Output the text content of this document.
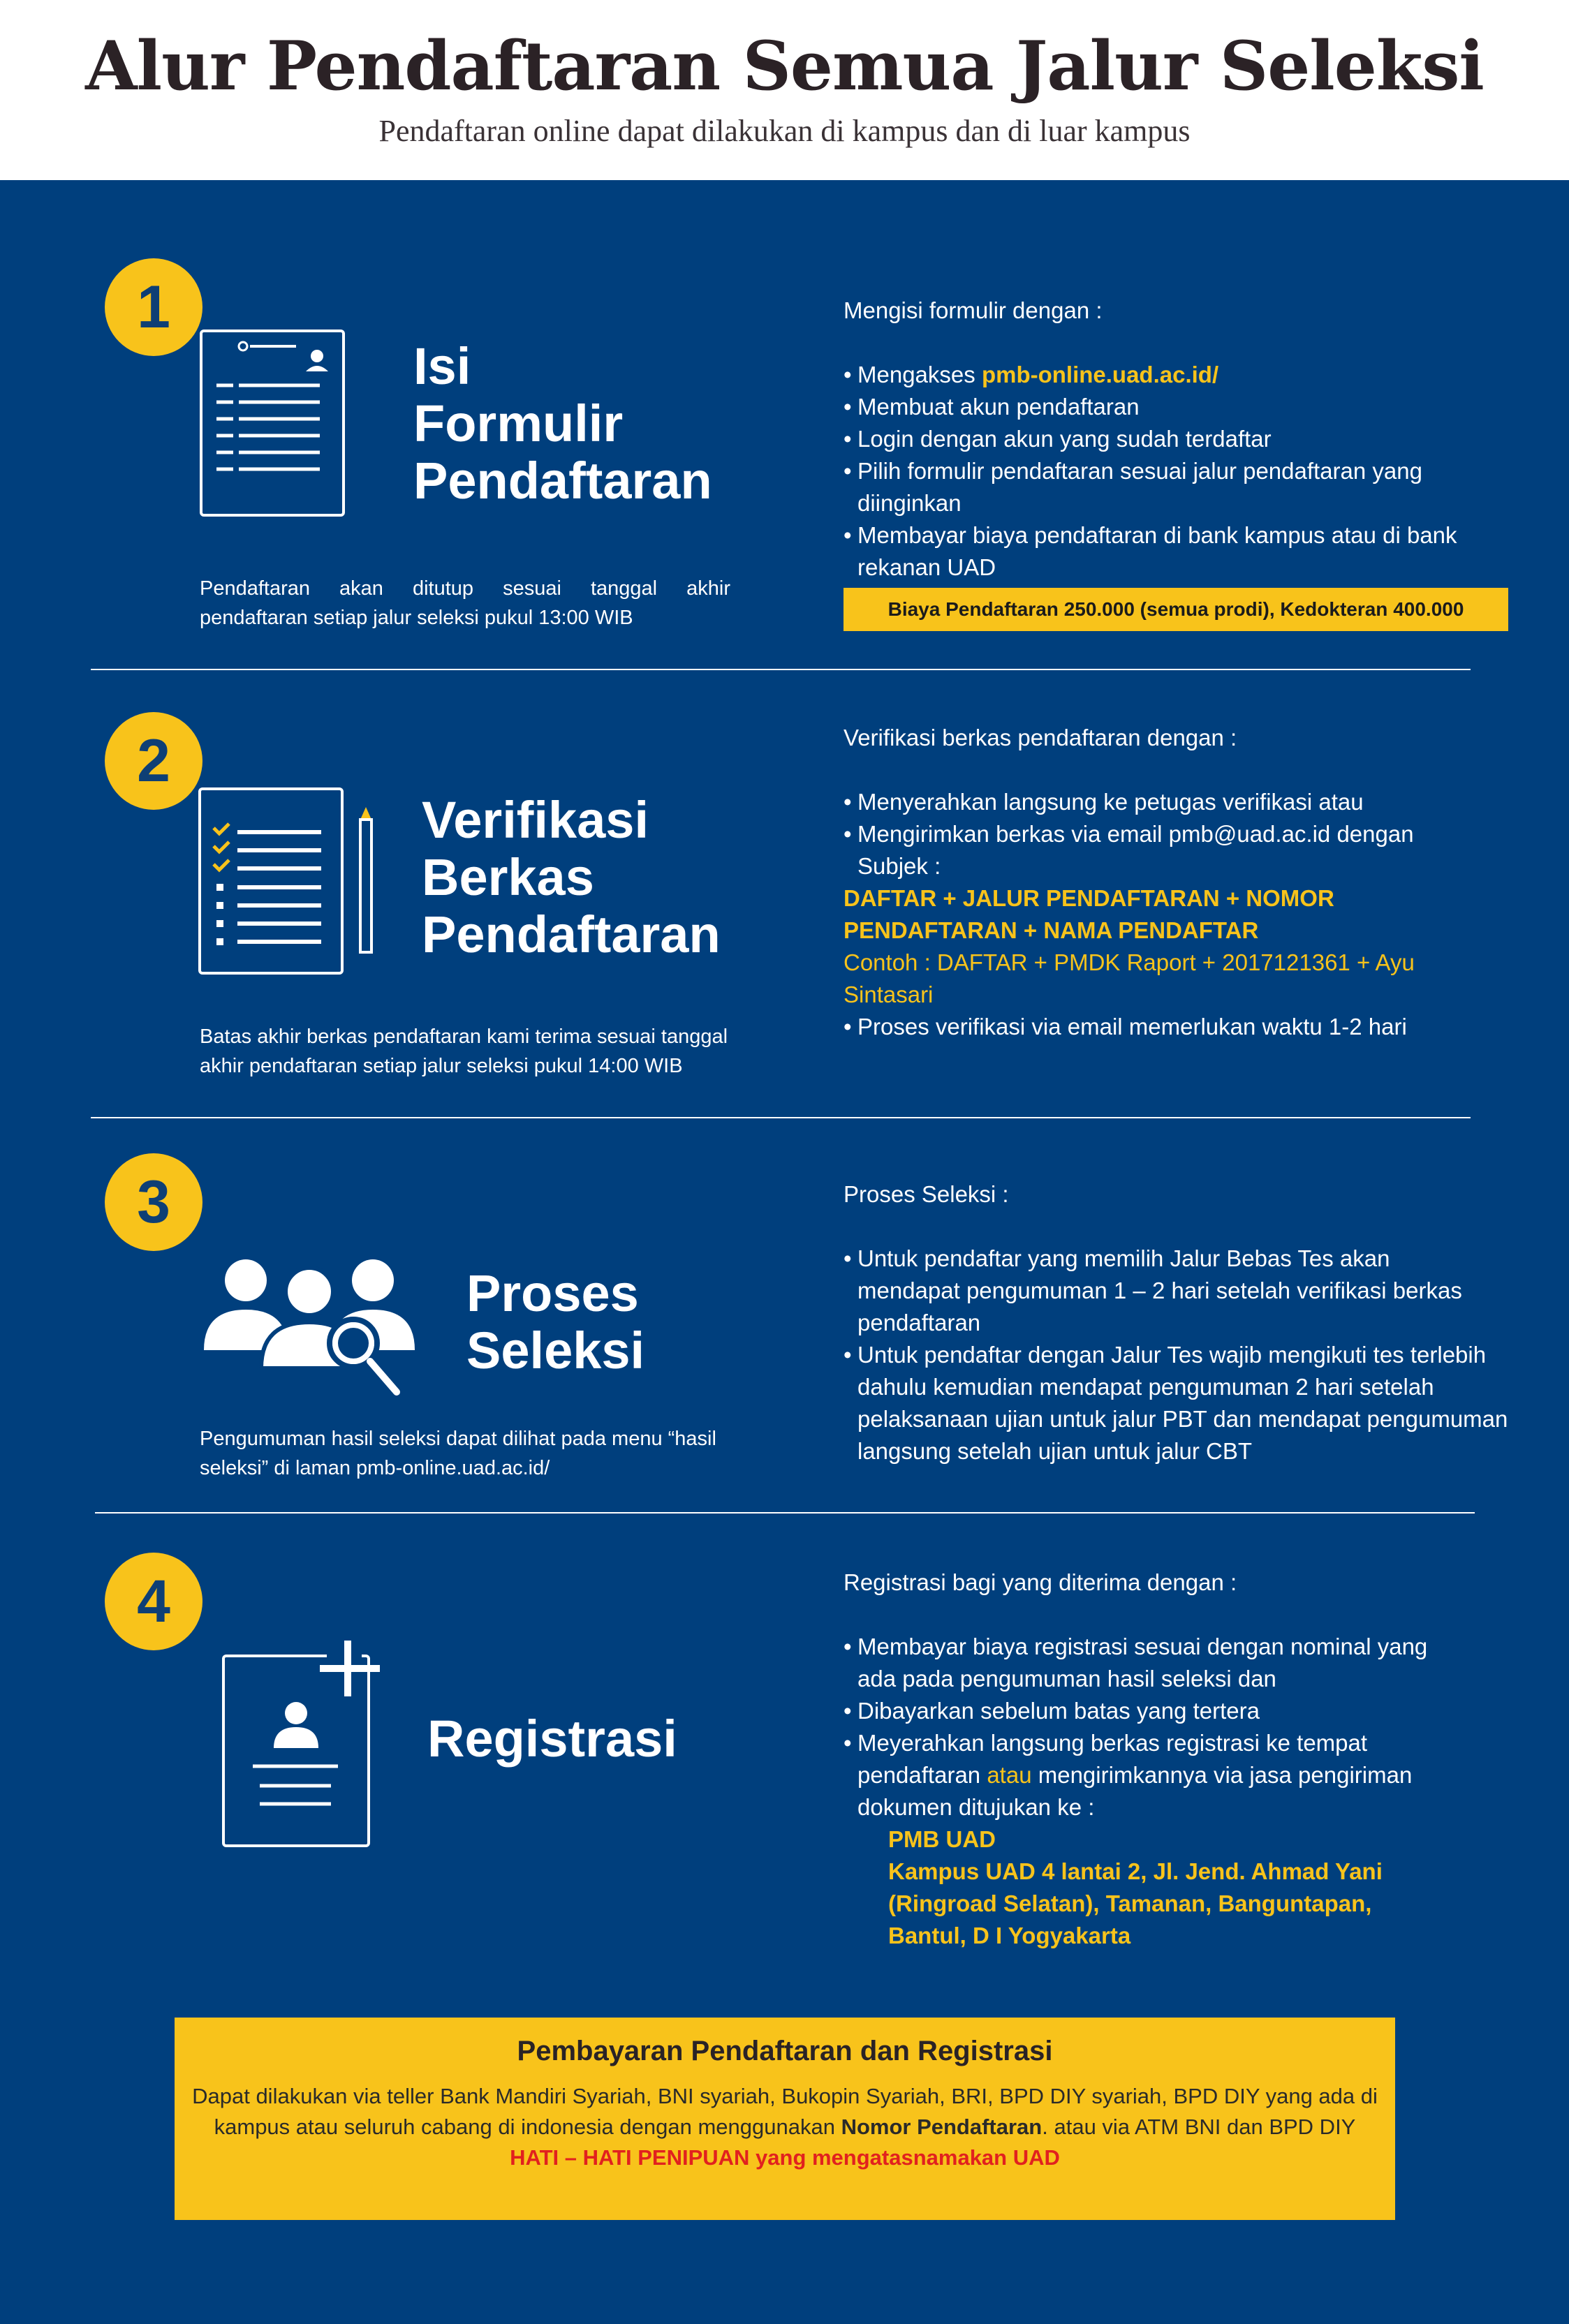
Alur Pendaftaran Semua Jalur Seleksi

Pendaftaran online dapat dilakukan di kampus dan di luar kampus

1
Isi
Formulir
Pendaftaran
Pendaftaran akan ditutup sesuai tanggal akhir
pendaftaran setiap jalur seleksi pukul 13:00 WIB

Mengisi formulir dengan :

• Mengakses pmb-online.uad.ac.id/
• Membuat akun pendaftaran
• Login dengan akun yang sudah terdaftar
• Pilih formulir pendaftaran sesuai jalur pendaftaran yang diinginkan
• Membayar biaya pendaftaran di bank kampus atau di bank rekanan UAD
Biaya Pendaftaran 250.000 (semua prodi), Kedokteran 400.000
2
Verifikasi
Berkas
Pendaftaran
Batas akhir berkas pendaftaran kami terima sesuai tanggal
akhir pendaftaran setiap jalur seleksi pukul 14:00 WIB

Verifikasi berkas pendaftaran dengan :

• Menyerahkan langsung ke petugas verifikasi atau
• Mengirimkan berkas via email pmb@uad.ac.id dengan Subjek :

DAFTAR + JALUR PENDAFTARAN + NOMOR PENDAFTARAN + NAMA PENDAFTAR

Contoh : DAFTAR + PMDK Raport + 2017121361 + Ayu Sintasari

• Proses verifikasi via email memerlukan waktu 1-2 hari
3
Proses
Seleksi
Pengumuman hasil seleksi dapat dilihat pada menu “hasil
seleksi” di laman pmb-online.uad.ac.id/

Proses Seleksi :

• Untuk pendaftar yang memilih Jalur Bebas Tes akan mendapat pengumuman 1 – 2 hari setelah verifikasi berkas pendaftaran
• Untuk pendaftar dengan Jalur Tes wajib mengikuti tes terlebih dahulu kemudian mendapat pengumuman 2 hari setelah pelaksanaan ujian untuk jalur PBT dan mendapat pengumuman langsung setelah ujian untuk jalur CBT
4
Registrasi

Registrasi bagi yang diterima dengan :

• Membayar biaya registrasi sesuai dengan nominal yang ada pada pengumuman hasil seleksi dan
• Dibayarkan sebelum batas yang tertera
• Meyerahkan langsung berkas registrasi ke tempat pendaftaran atau mengirimkannya via jasa pengiriman dokumen ditujukan ke :
PMB UAD
Kampus UAD 4 lantai 2, Jl. Jend. Ahmad Yani (Ringroad Selatan), Tamanan, Banguntapan, Bantul, D I Yogyakarta
Pembayaran Pendaftaran dan Registrasi
Dapat dilakukan via teller Bank Mandiri Syariah, BNI syariah, Bukopin Syariah, BRI, BPD DIY syariah, BPD DIY yang ada di kampus atau seluruh cabang di indonesia dengan menggunakan Nomor Pendaftaran. atau via ATM BNI dan BPD DIY
HATI – HATI PENIPUAN yang mengatasnamakan UAD
